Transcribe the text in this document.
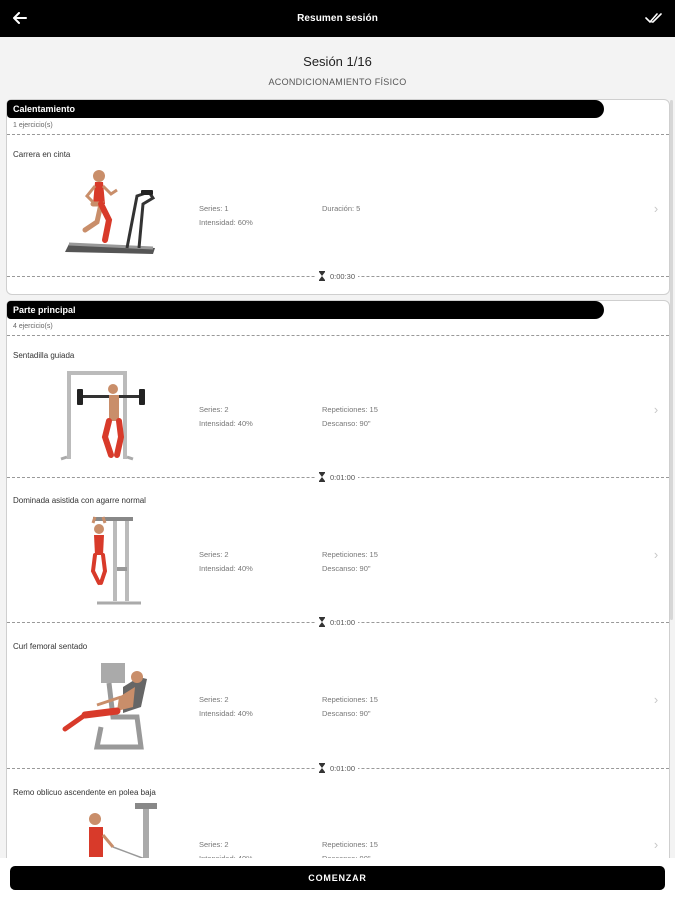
Resumen sesión
Sesión 1/16
ACONDICIONAMIENTO FÍSICO
Calentamiento
1 ejercicio(s)
Carrera en cinta
Series: 1
Intensidad: 60%
Duración: 5	›
0:00:30
Parte principal
4 ejercicio(s)
Sentadilla guiada
Series: 2
Intensidad: 40%
Repeticiones: 15
Descanso: 90"
›
0:01:00
Dominada asistida con agarre normal
Series: 2
Intensidad: 40%
Repeticiones: 15
Descanso: 90"
›
0:01:00
Curl femoral sentado
Series: 2
Intensidad: 40%
Repeticiones: 15
Descanso: 90"
›
0:01:00
Remo oblicuo ascendente en polea baja
Series: 2	Repeticiones: 15	›
COMENZAR
